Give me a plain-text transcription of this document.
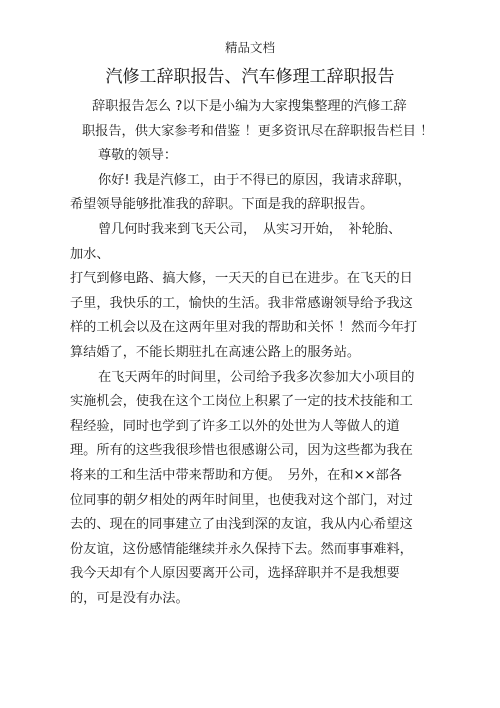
精品文档
汽修工辞职报告、汽车修理工辞职报告
辞职报告怎么 ?以下是小编为大家搜集整理的汽修工辞
职报告，供大家参考和借鉴 ！更多资讯尽在辞职报告栏目 ！
尊敬的领导：
你好! 我是汽修工，由于不得已的原因，我请求辞职，
希望领导能够批准我的辞职。下面是我的辞职报告。
曾几何时我来到飞天公司，　从实习开始，　补轮胎、
加水、
打气到修电路、搞大修，一天天的自已在进步。在飞天的日
子里，我快乐的工，愉快的生活。我非常感谢领导给予我这
样的工机会以及在这两年里对我的帮助和关怀 ！然而今年打
算结婚了，不能长期驻扎在高速公路上的服务站。
在飞天两年的时间里，公司给予我多次参加大小项目的
实施机会，使我在这个工岗位上积累了一定的技术技能和工
程经验，同时也学到了许多工以外的处世为人等做人的道
理。所有的这些我很珍惜也很感谢公司，因为这些都为我在
将来的工和生活中带来帮助和方便。　另外，在和××部各
位同事的朝夕相处的两年时间里，也使我对这个部门，对过
去的、现在的同事建立了由浅到深的友谊，我从内心希望这
份友谊，这份感情能继续并永久保持下去。然而事事难料，
我今天却有个人原因要离开公司，选择辞职并不是我想要
的，可是没有办法。
